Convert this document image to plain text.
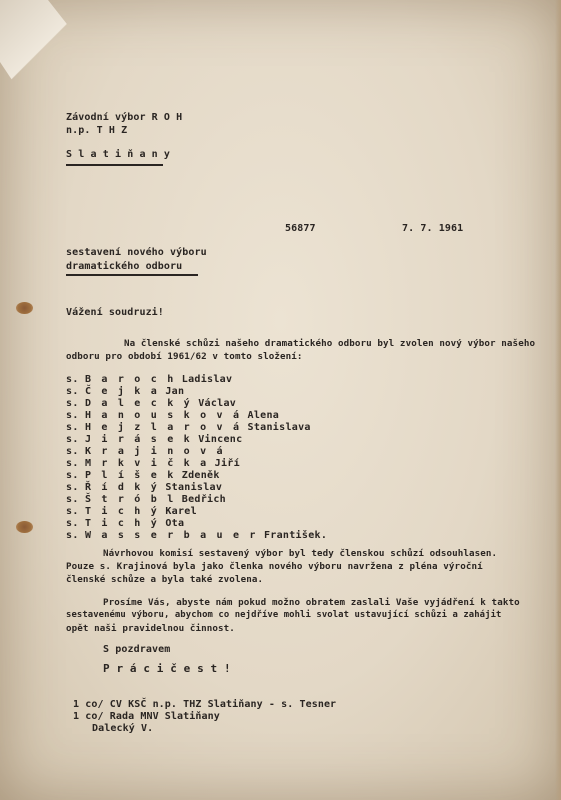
Závodní výbor R O H

n.p. T H Z

S l a t i ň a n y

56877	7. 7. 1961

sestavení nového výboru

dramatického odboru

Vážení soudruzi!

Na členské schůzi našeho dramatického odboru byl zvolen nový výbor našeho

odboru pro období 1961/62 v tomto složení:

s. B a r o c h Ladislav

s. Č e j k a Jan

s. D a l e c k ý Václav

s. H a n o u s k o v á Alena

s. H e j z l a r o v á Stanislava

s. J i r á s e k Vincenc

s. K r a j i n o v á

s. M r k v i č k a Jiří

s. P l í š e k Zdeněk

s. Ř í d k ý Stanislav

s. Š t r ó b l Bedřich

s. T i c h ý Karel

s. T i c h ý Ota

s. W a s s e r b a u e r František.

Návrhovou komisí sestavený výbor byl tedy členskou schůzí odsouhlasen.

Pouze s. Krajinová byla jako členka nového výboru navržena z pléna výroční

členské schůze a byla také zvolena.

Prosíme Vás, abyste nám pokud možno obratem zaslali Vaše vyjádření k takto

sestavenému výboru, abychom co nejdříve mohli svolat ustavující schůzi a zahájit

opět naši pravidelnou činnost.

S pozdravem

P r á c i č e s t !

1 co/ CV KSČ n.p. THZ Slatiňany - s. Tesner

1 co/ Rada MNV Slatiňany

Dalecký V.
